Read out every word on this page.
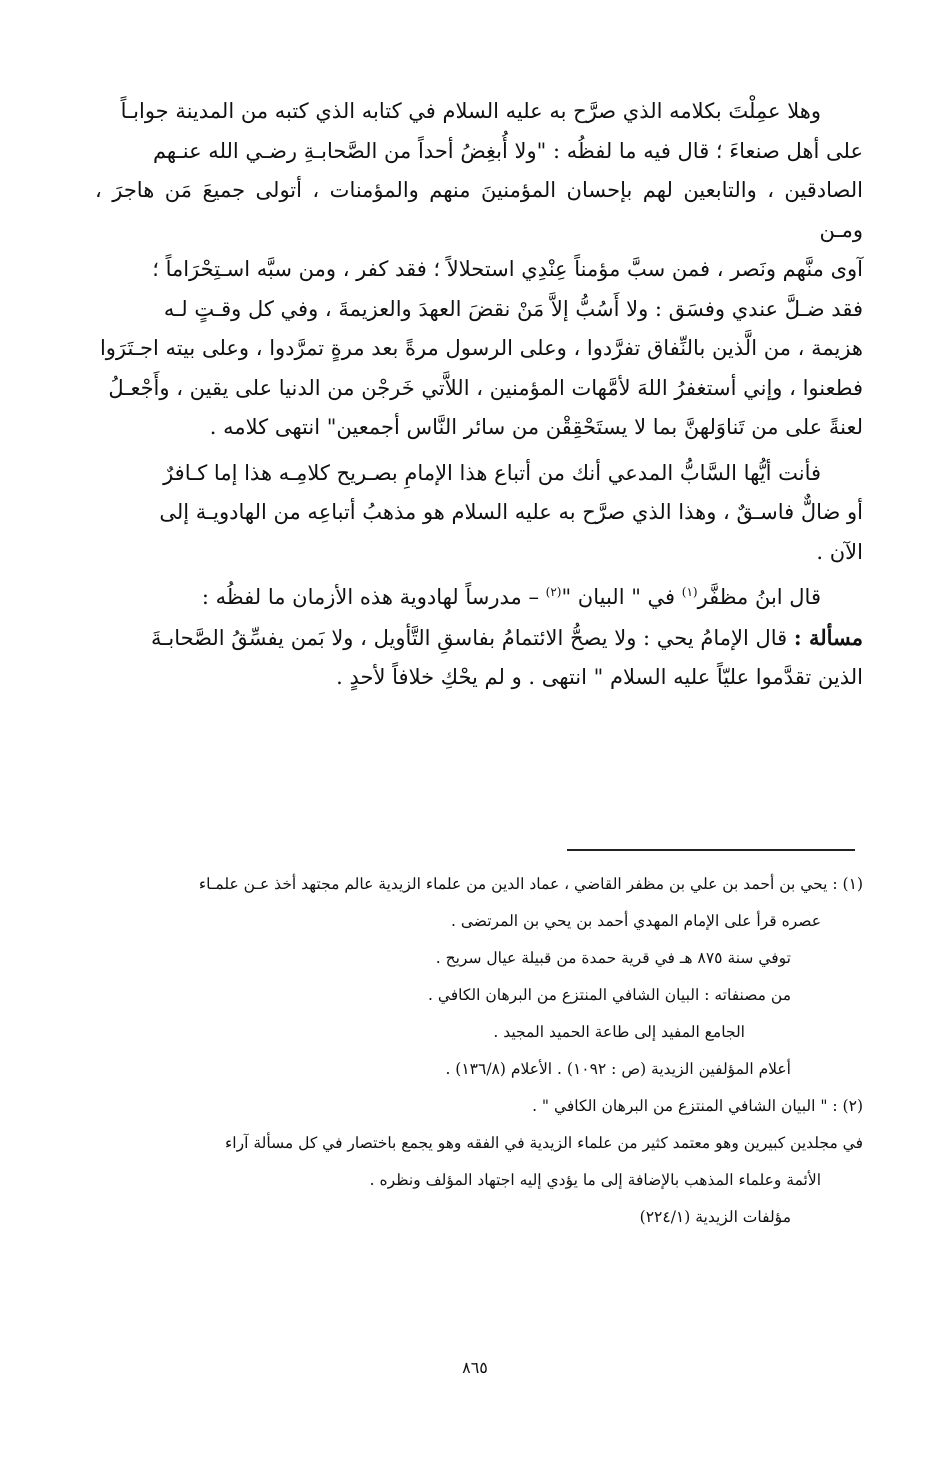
وهلا عمِلْتَ بكلامه الذي صرَّح به عليه السلام في كتابه الذي كتبه من المدينة جوابـاً

على أهل صنعاءَ ؛ قال فيه ما لفظُه : "ولا أُبغِضُ أحداً من الصَّحابـةِ رضـي الله عنـهم

الصادقين ، والتابعين لهم بإحسان المؤمنينَ منهم والمؤمنات ، أتولى جميعَ مَن هاجرَ ، ومـن

آوى منَّهم ونَصر ، فمن سبَّ مؤمناً عِنْدِي استحلالاً ؛ فقد كفر ، ومن سبَّه اسـتِحْرَاماً ؛

فقد ضـلَّ عندي وفسَق : ولا أَسُبُّ إلاَّ مَنْ نقضَ العهدَ والعزيمةَ ، وفي كل وقـتٍ لـه

هزيمة ، من الَّذين بالنِّفاق تفرَّدوا ، وعلى الرسول مرةً بعد مرةٍ تمرَّدوا ، وعلى بيته اجـتَرَوا

فطعنوا ، وإني أستغفرُ اللهَ لأمَّهات المؤمنين ، اللاَّتي خَرجْن من الدنيا على يقين ، وأَجْعـلُ

لعنةً على من تَناوَلهنَّ بما لا يستَحْقِقْن من سائر النَّاس أجمعين" انتهى كلامه .

فأنت أيُّها السَّابُّ المدعي أنك من أتباع هذا الإمامِ بصـريح كلامِـه هذا إما كـافرٌ

أو ضالٌّ فاسـقٌ ، وهذا الذي صرَّح به عليه السلام هو مذهبُ أتباعِه من الهادويـة إلى

الآن .

قال ابنُ مظفَّر$^{(١)}$ في " البيان "$^{(٢)}$ – مدرساً لهادوية هذه الأزمان ما لفظُه :

مسألة : قال الإمامُ يحي : ولا يصحُّ الائتمامُ بفاسقِ التَّأويل ، ولا بَمن يفسِّقُ الصَّحابـةَ

الذين تقدَّموا عليّاً عليه السلام " انتهى . و لم يحْكِ خلافاً لأحدٍ .

(١) : يحي بن أحمد بن علي بن مظفر القاضي ، عماد الدين من علماء الزيدية عالم مجتهد أخذ عـن علمـاء

عصره قرأ على الإمام المهدي أحمد بن يحي بن المرتضى .

توفي سنة ٨٧٥ هـ في قرية حمدة من قبيلة عيال سريح .

من مصنفاته : البيان الشافي المنتزع من البرهان الكافي .

الجامع المفيد إلى طاعة الحميد المجيد .

أعلام المؤلفين الزيدية (ص : ١٠٩٢) . الأعلام (١٣٦/٨) .

(٢) : " البيان الشافي المنتزع من البرهان الكافي " .

في مجلدين كبيرين وهو معتمد كثير من علماء الزيدية في الفقه وهو يجمع باختصار في كل مسألة آراء

الأئمة وعلماء المذهب بالإضافة إلى ما يؤدي إليه اجتهاد المؤلف ونظره .

مؤلفات الزيدية (٢٢٤/١)

٨٦٥
